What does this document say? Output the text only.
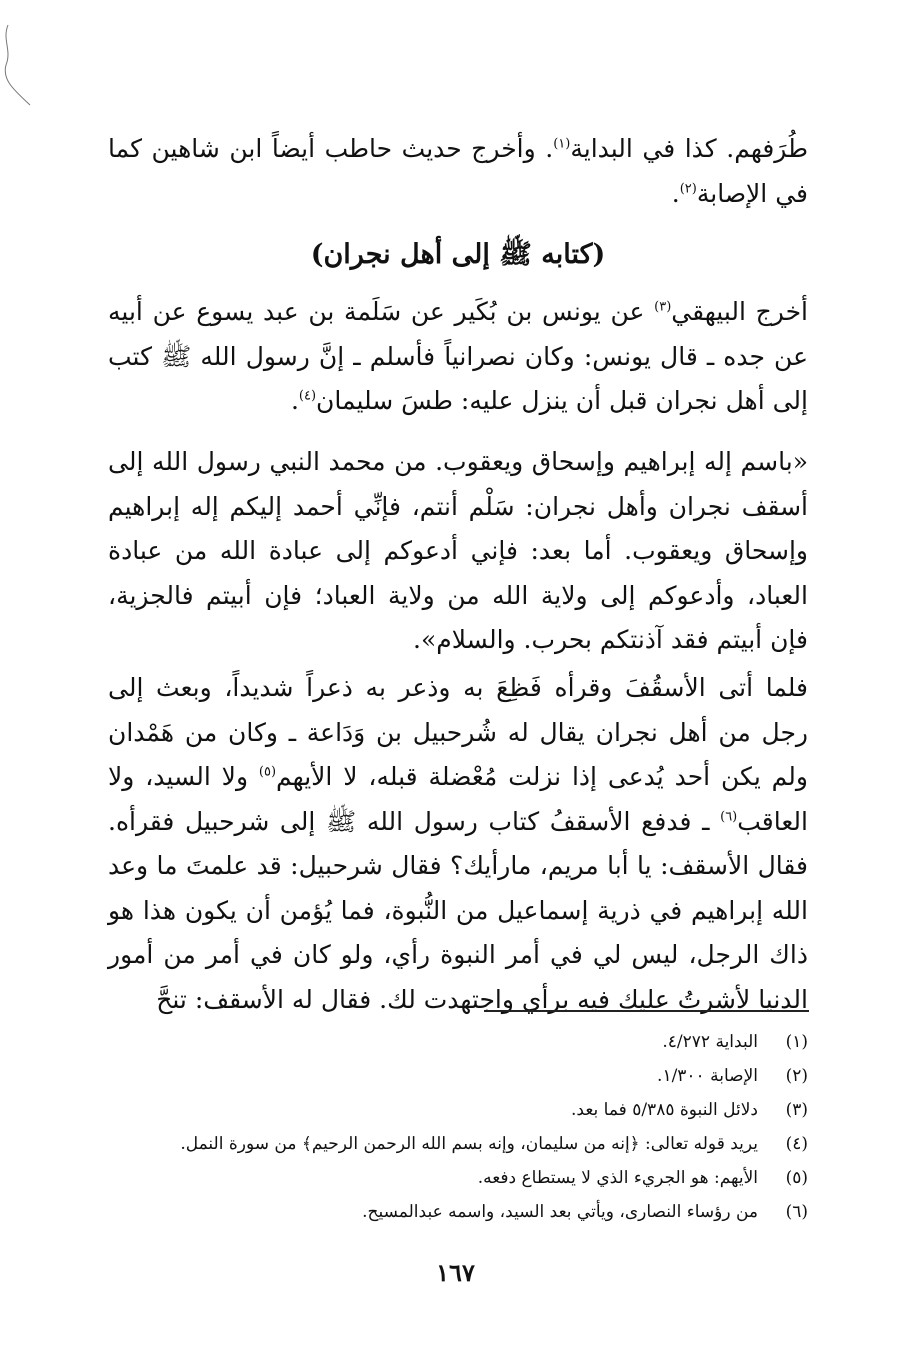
طُرَفهم. كذا في البداية$^{(١)}$. وأخرج حديث حاطب أيضاً ابن شاهين كما في الإصابة$^{(٢)}$.

(كتابه ﷺ إلى أهل نجران)

أخرج البيهقي$^{(٣)}$ عن يونس بن بُكَير عن سَلَمة بن عبد يسوع عن أبيه عن جده ـ قال يونس: وكان نصرانياً فأسلم ـ إنَّ رسول الله ﷺ كتب إلى أهل نجران قبل أن ينزل عليه: طسَ سليمان$^{(٤)}$.

«باسم إله إبراهيم وإسحاق ويعقوب. من محمد النبي رسول الله إلى أسقف نجران وأهل نجران: سَلْم أنتم، فإنِّي أحمد إليكم إله إبراهيم وإسحاق ويعقوب. أما بعد: فإني أدعوكم إلى عبادة الله من عبادة العباد، وأدعوكم إلى ولاية الله من ولاية العباد؛ فإن أبيتم فالجزية، فإن أبيتم فقد آذنتكم بحرب. والسلام».

فلما أتى الأسقُفَ وقرأه فَظِعَ به وذعر به ذعراً شديداً، وبعث إلى رجل من أهل نجران يقال له شُرحبيل بن وَدَاعة ـ وكان من هَمْدان ولم يكن أحد يُدعى إذا نزلت مُعْضلة قبله، لا الأيهم$^{(٥)}$ ولا السيد، ولا العاقب$^{(٦)}$ ـ فدفع الأسقفُ كتاب رسول الله ﷺ إلى شرحبيل فقرأه. فقال الأسقف: يا أبا مريم، مارأيك؟ فقال شرحبيل: قد علمتَ ما وعد الله إبراهيم في ذرية إسماعيل من النُّبوة، فما يُؤمن أن يكون هذا هو ذاك الرجل، ليس لي في أمر النبوة رأي، ولو كان في أمر من أمور الدنيا لأشرتُ عليك فيه برأي واجتهدت لك. فقال له الأسقف: تنحَّ

(١)
البداية ٤/٢٧٢.
(٢)
الإصابة ١/٣٠٠.
(٣)
دلائل النبوة ٥/٣٨٥ فما بعد.
(٤)
يريد قوله تعالى: ﴿إنه من سليمان، وإنه بسم الله الرحمن الرحيم﴾ من سورة النمل.
(٥)
الأيهم: هو الجريء الذي لا يستطاع دفعه.
(٦)
من رؤساء النصارى، ويأتي بعد السيد، واسمه عبدالمسيح.
١٦٧
